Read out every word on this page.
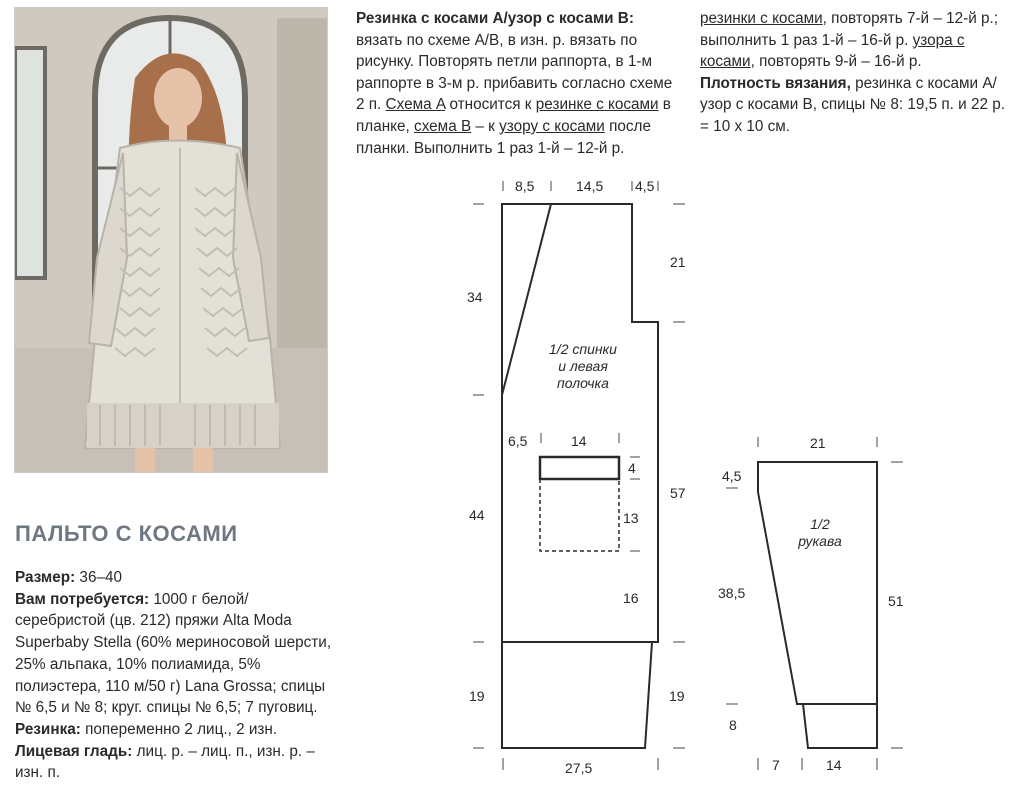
ПАЛЬТО С КОСАМИ

Размер: 36–40

Вам потребуется: 1000 г белой/серебристой (цв. 212) пряжи Alta Moda Superbaby Stella (60% мериносовой шерсти, 25% альпака, 10% полиамида, 5% полиэстера, 110 м/50 г) Lana Grossa; спицы № 6,5 и № 8; круг. спицы № 6,5; 7 пуговиц.

Резинка: попеременно 2 лиц., 2 изн.

Лицевая гладь: лиц. р. – лиц. п., изн. р. – изн. п.

Резинка с косами A/узор с косами B: вязать по схеме A/B, в изн. р. вязать по рисунку. Повторять петли раппорта, в 1-м раппорте в 3-м р. прибавить согласно схеме 2 п. Схема A относится к резинке с косами в планке, схема B – к узору с косами после планки. Выполнить 1 раз 1-й – 12-й р.

резинки с косами, повторять 7-й – 12-й р.; выполнить 1 раз 1-й – 16-й р. узора с косами, повторять 9-й – 16-й р.

Плотность вязания, резинка с косами A/узор с косами B, спицы № 8: 19,5 п. и 22 р. = 10 x 10 см.

1/2 спинки
и левая
полочка
8,5	14,5 4,5
21
34
57
44
6,5	14
4
13
16
19	19
27,5
1/2
рукава
21
4,5
38,5	51
8
7	14
